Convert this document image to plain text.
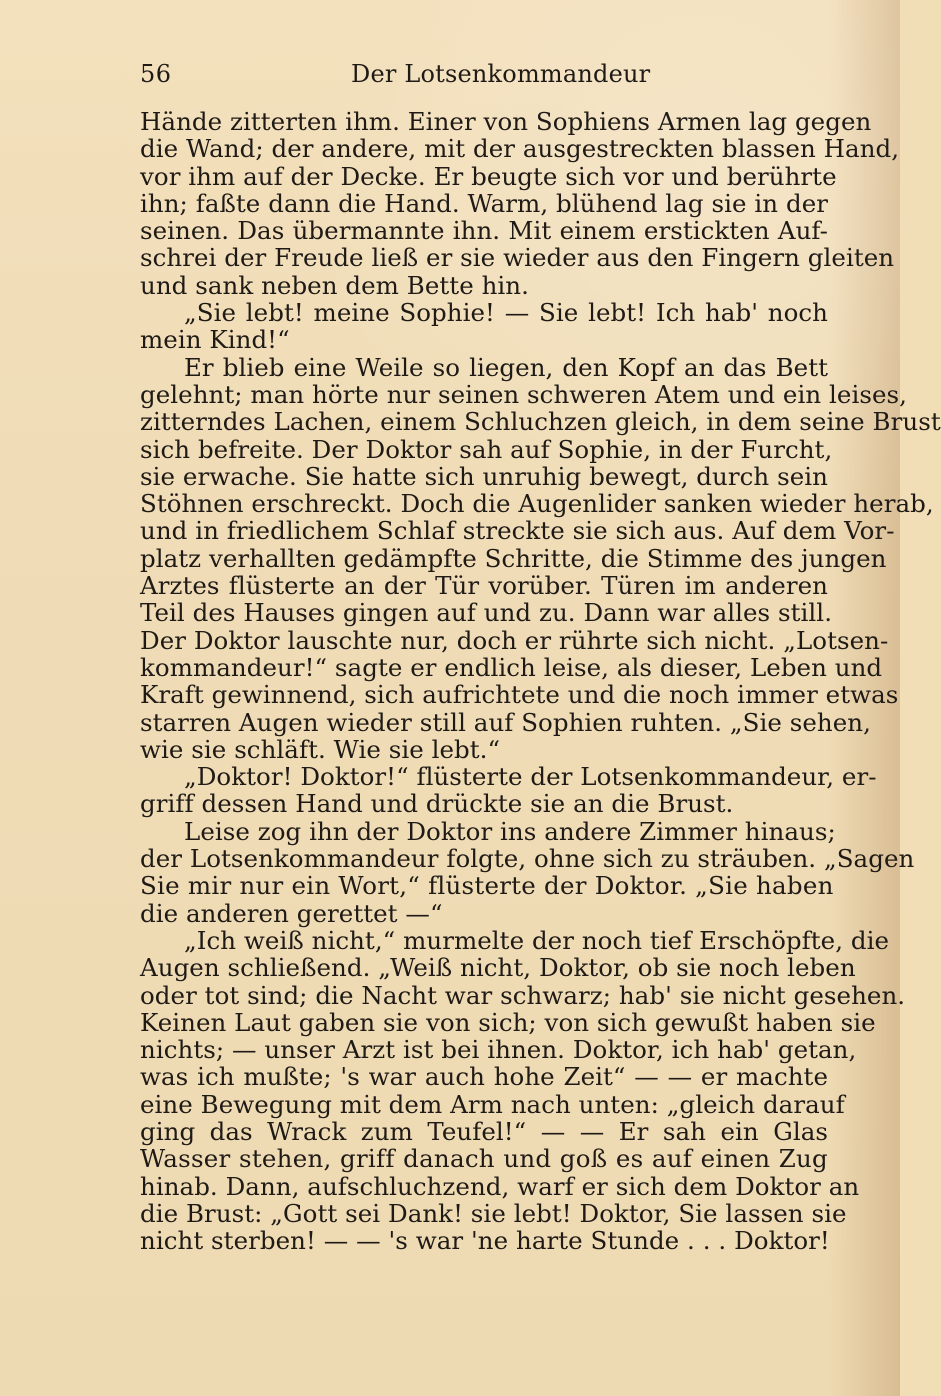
56	Der Lotsenkommandeur
Hände zitterten ihm. Einer von Sophiens Armen lag gegen
die Wand; der andere, mit der ausgestreckten blassen Hand,
vor ihm auf der Decke. Er beugte sich vor und berührte
ihn; faßte dann die Hand. Warm, blühend lag sie in der
seinen. Das übermannte ihn. Mit einem erstickten Auf-
schrei der Freude ließ er sie wieder aus den Fingern gleiten
und sank neben dem Bette hin.
„Sie lebt! meine Sophie! — Sie lebt! Ich hab' noch
mein Kind!“
Er blieb eine Weile so liegen, den Kopf an das Bett
gelehnt; man hörte nur seinen schweren Atem und ein leises,
zitterndes Lachen, einem Schluchzen gleich, in dem seine Brust
sich befreite. Der Doktor sah auf Sophie, in der Furcht,
sie erwache. Sie hatte sich unruhig bewegt, durch sein
Stöhnen erschreckt. Doch die Augenlider sanken wieder herab,
und in friedlichem Schlaf streckte sie sich aus. Auf dem Vor-
platz verhallten gedämpfte Schritte, die Stimme des jungen
Arztes flüsterte an der Tür vorüber. Türen im anderen
Teil des Hauses gingen auf und zu. Dann war alles still.
Der Doktor lauschte nur, doch er rührte sich nicht. „Lotsen-
kommandeur!“ sagte er endlich leise, als dieser, Leben und
Kraft gewinnend, sich aufrichtete und die noch immer etwas
starren Augen wieder still auf Sophien ruhten. „Sie sehen,
wie sie schläft. Wie sie lebt.“
„Doktor! Doktor!“ flüsterte der Lotsenkommandeur, er-
griff dessen Hand und drückte sie an die Brust.
Leise zog ihn der Doktor ins andere Zimmer hinaus;
der Lotsenkommandeur folgte, ohne sich zu sträuben. „Sagen
Sie mir nur ein Wort,“ flüsterte der Doktor. „Sie haben
die anderen gerettet —“
„Ich weiß nicht,“ murmelte der noch tief Erschöpfte, die
Augen schließend. „Weiß nicht, Doktor, ob sie noch leben
oder tot sind; die Nacht war schwarz; hab' sie nicht gesehen.
Keinen Laut gaben sie von sich; von sich gewußt haben sie
nichts; — unser Arzt ist bei ihnen. Doktor, ich hab' getan,
was ich mußte; 's war auch hohe Zeit“ — — er machte
eine Bewegung mit dem Arm nach unten: „gleich darauf
ging das Wrack zum Teufel!“ — — Er sah ein Glas
Wasser stehen, griff danach und goß es auf einen Zug
hinab. Dann, aufschluchzend, warf er sich dem Doktor an
die Brust: „Gott sei Dank! sie lebt! Doktor, Sie lassen sie
nicht sterben! — — 's war 'ne harte Stunde . . . Doktor!
